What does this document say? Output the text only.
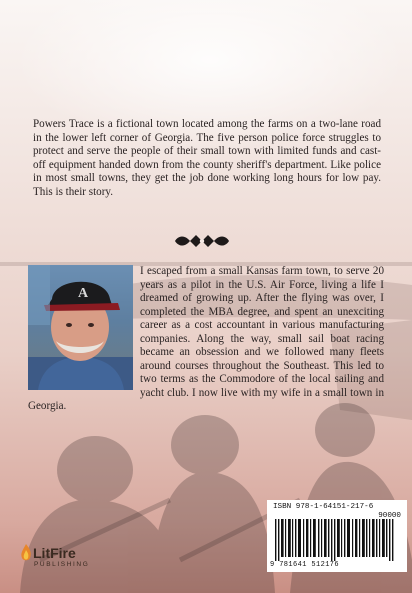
Powers Trace is a fictional town located among the farms on a two-lane road in the lower left corner of Georgia. The five person police force struggles to protect and serve the people of their small town with limited funds and cast-off equipment handed down from the county sheriff's department. Like police in most small towns, they get the job done working long hours for low pay. This is their story.

A

I escaped from a small Kansas farm town, to serve 20 years as a pilot in the U.S. Air Force, living a life I dreamed of growing up. After the flying was over, I completed the MBA degree, and spent an unexciting career as a cost accountant in various manufacturing companies. Along the way, small sail boat racing became an obsession and we followed many fleets around courses throughout the Southeast. This led to two terms as the Commodore of the local sailing and yacht club. I now live with my wife in a small town in Georgia.

LitFire
PUBLISHING
ISBN 978-1-64151-217-6
90000
9 781641 512176
